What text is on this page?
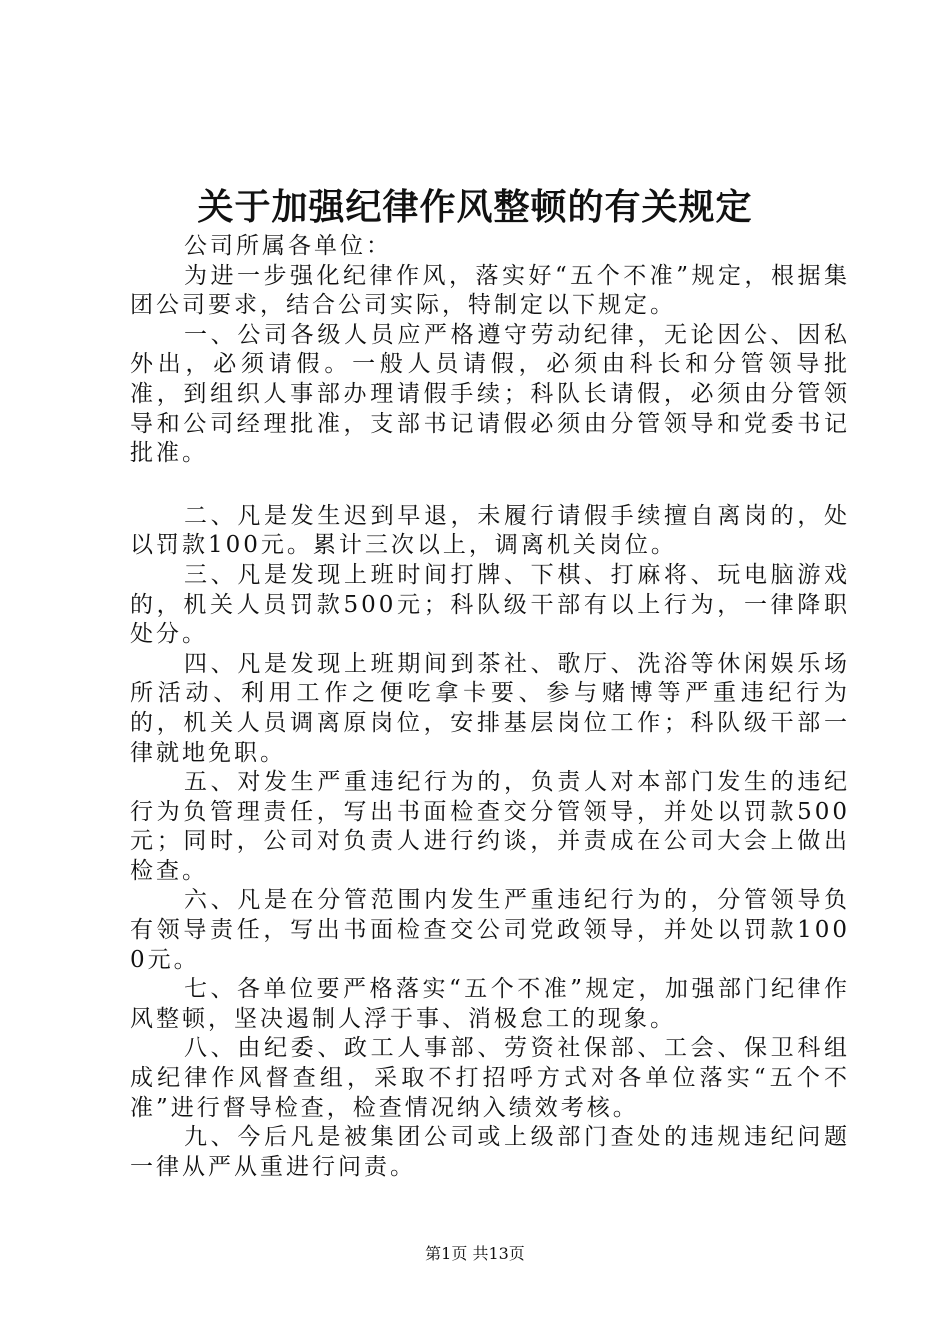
关于加强纪律作风整顿的有关规定

公司所属各单位：

为进一步强化纪律作风，落实好“五个不准”规定，根据集团公司要求，结合公司实际，特制定以下规定。

一、公司各级人员应严格遵守劳动纪律，无论因公、因私外出，必须请假。一般人员请假，必须由科长和分管领导批准，到组织人事部办理请假手续；科队长请假，必须由分管领导和公司经理批准，支部书记请假必须由分管领导和党委书记批准。

二、凡是发生迟到早退，未履行请假手续擅自离岗的，处以罚款100元。累计三次以上，调离机关岗位。

三、凡是发现上班时间打牌、下棋、打麻将、玩电脑游戏的，机关人员罚款500元；科队级干部有以上行为，一律降职处分。

四、凡是发现上班期间到茶社、歌厅、洗浴等休闲娱乐场所活动、利用工作之便吃拿卡要、参与赌博等严重违纪行为的，机关人员调离原岗位，安排基层岗位工作；科队级干部一律就地免职。

五、对发生严重违纪行为的，负责人对本部门发生的违纪行为负管理责任，写出书面检查交分管领导，并处以罚款500元；同时，公司对负责人进行约谈，并责成在公司大会上做出检查。

六、凡是在分管范围内发生严重违纪行为的，分管领导负有领导责任，写出书面检查交公司党政领导，并处以罚款1000元。

七、各单位要严格落实“五个不准”规定，加强部门纪律作风整顿，坚决遏制人浮于事、消极怠工的现象。

八、由纪委、政工人事部、劳资社保部、工会、保卫科组成纪律作风督查组，采取不打招呼方式对各单位落实“五个不准”进行督导检查，检查情况纳入绩效考核。

九、今后凡是被集团公司或上级部门查处的违规违纪问题一律从严从重进行问责。

第1页 共13页
